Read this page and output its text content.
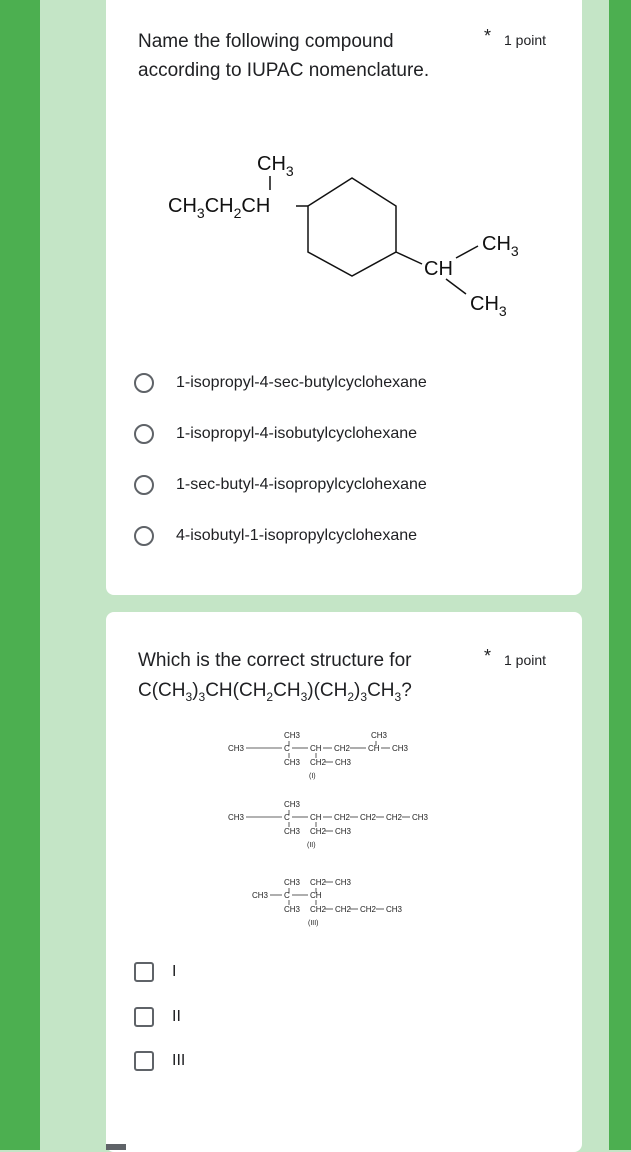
Name the following compound
according to IUPAC nomenclature.
* 1 point
$CH_3$
$CH_3CH_2CH$
CH
$CH_3$
$CH_3$
1-isopropyl-4-sec-butylcyclohexane
1-isopropyl-4-isobutylcyclohexane
1-sec-butyl-4-isopropylcyclohexane
4-isobutyl-1-isopropylcyclohexane
Which is the correct structure for
$C(CH_3)_3CH(CH_2CH_3)(CH_2)_3CH_3$?
* 1 point
CH3	CH3
CH3	C	CH CH2 CH CH3
CH3 CH2 CH3
(I)
CH3
CH3	C	CH CH2 CH2 CH2 CH3
CH3 CH2 CH3
(II)
CH3 CH2 CH3
CH3 C	CH
CH3 CH2 CH2 CH2 CH3
(III)
I
II
III
